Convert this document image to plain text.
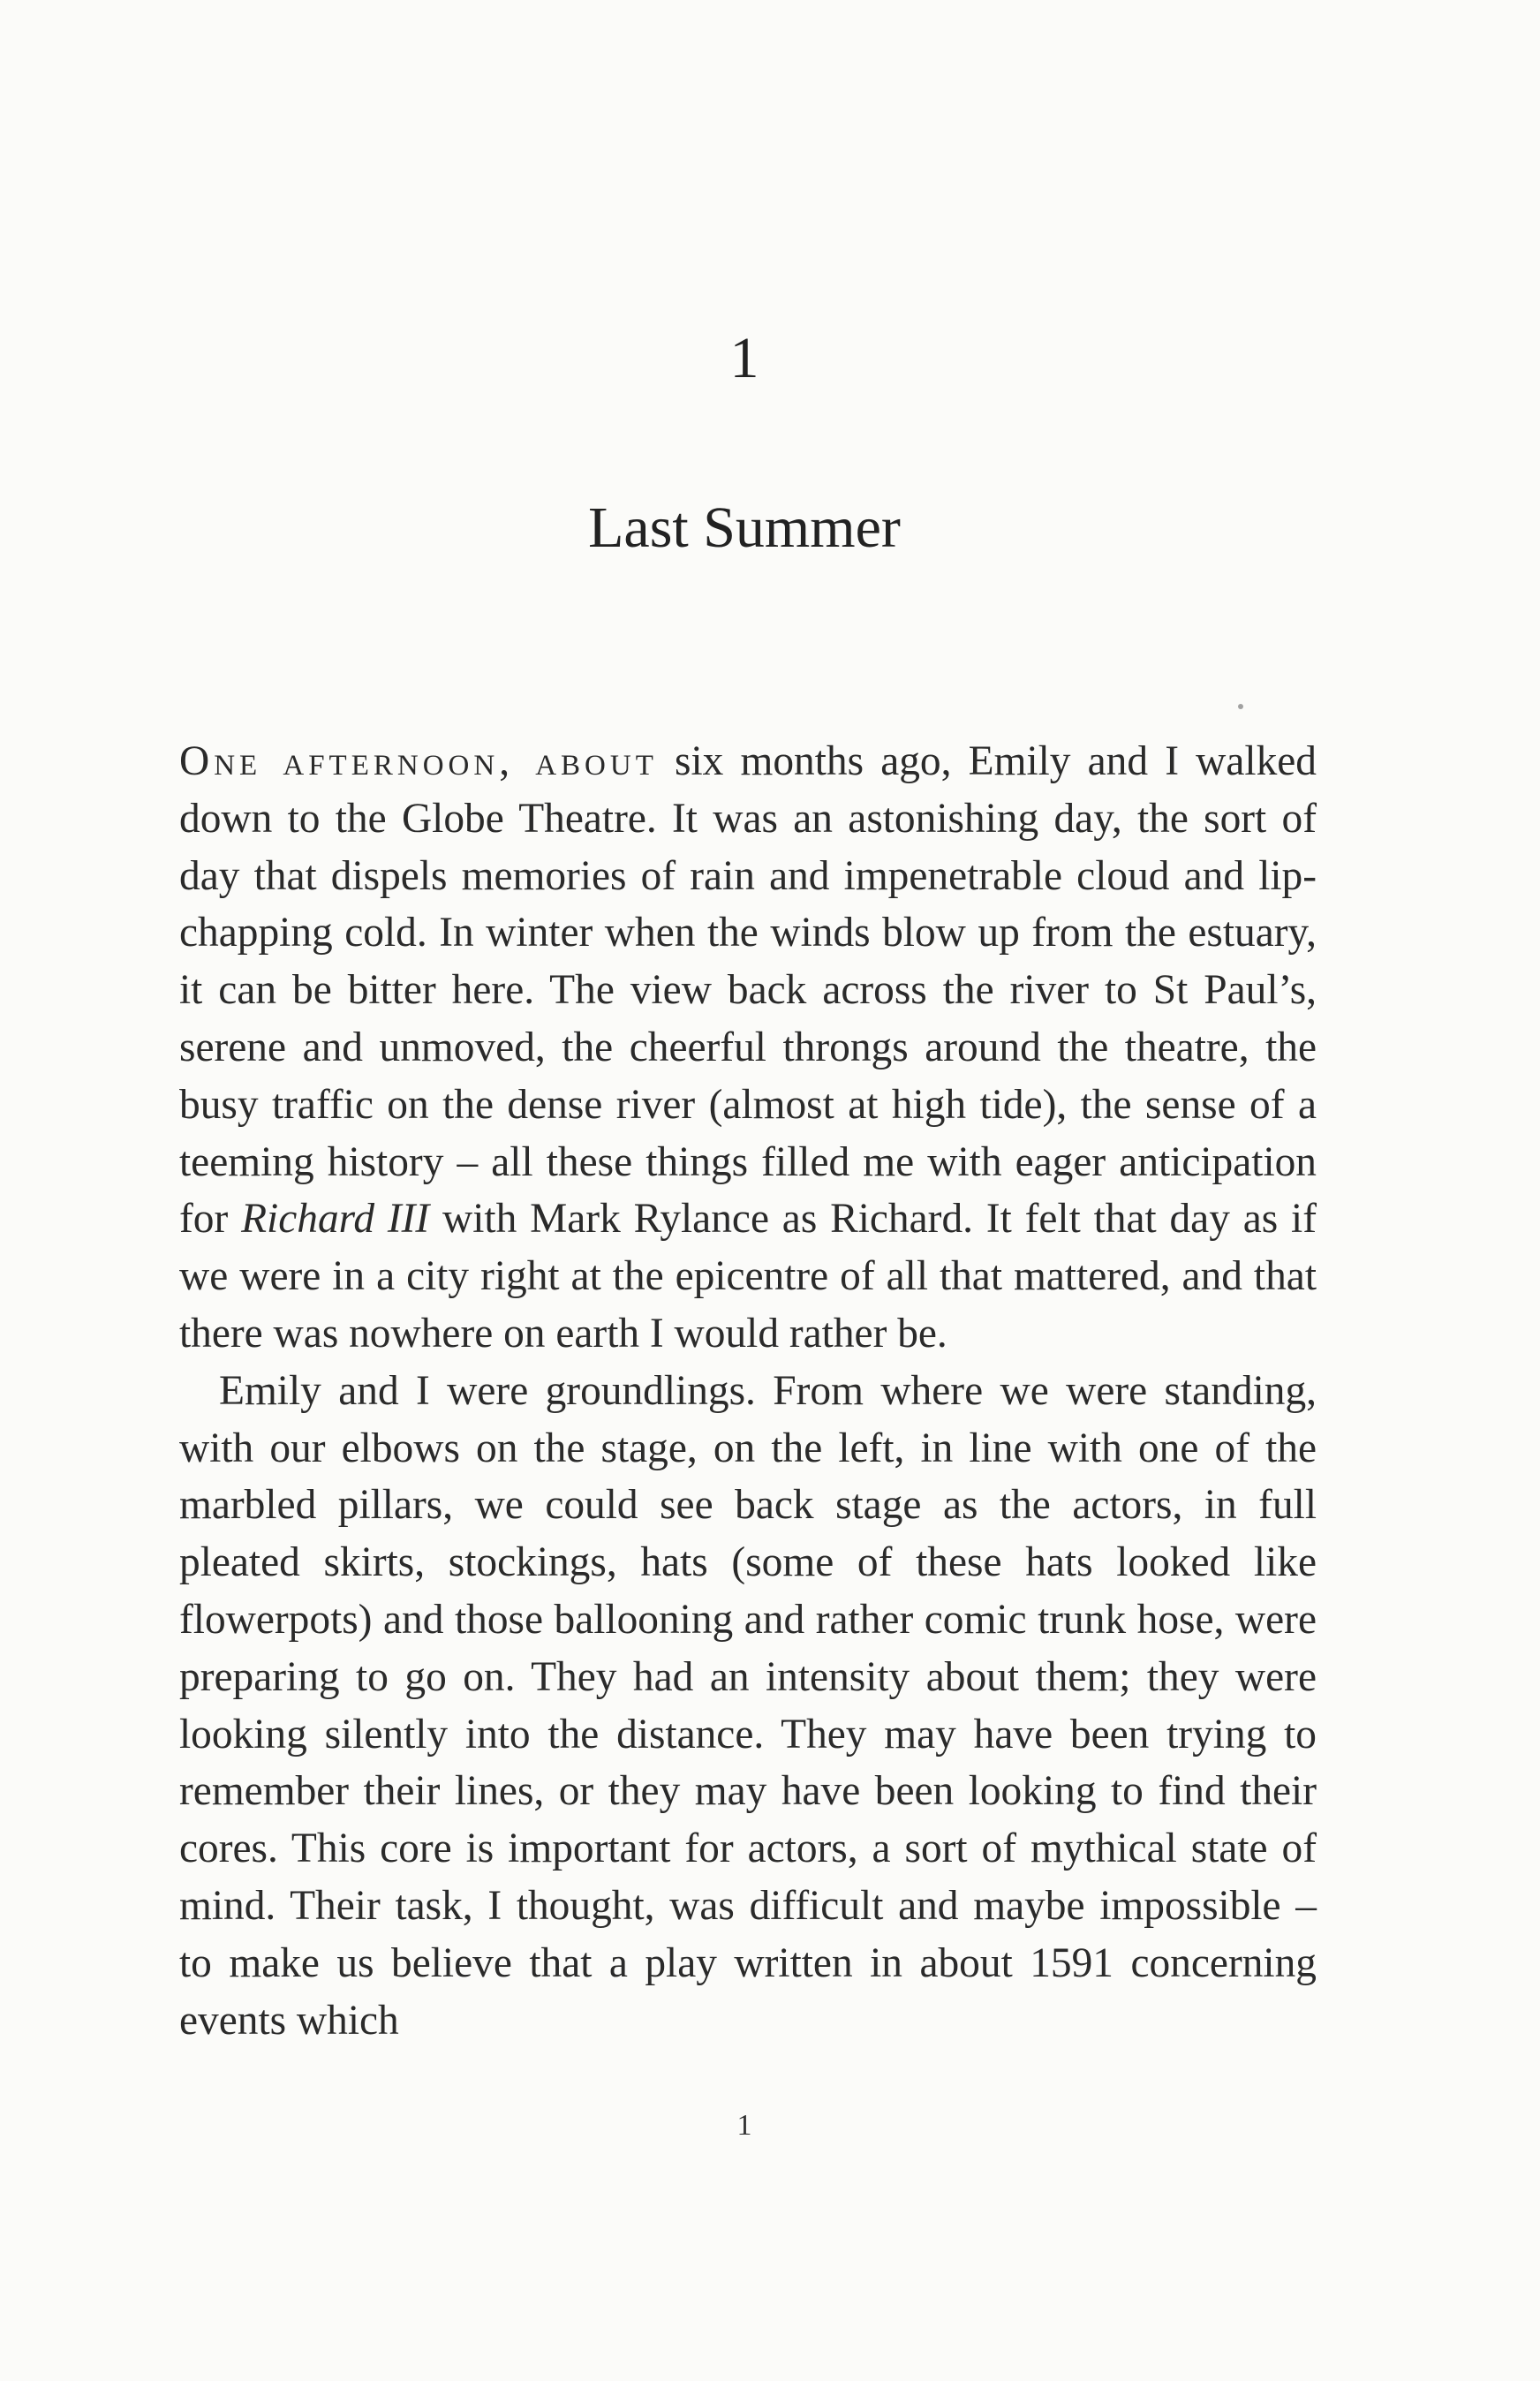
1
Last Summer

One afternoon, about six months ago, Emily and I walked down to the Globe Theatre. It was an astonishing day, the sort of day that dispels memories of rain and impenetrable cloud and lip-chapping cold. In winter when the winds blow up from the estuary, it can be bitter here. The view back across the river to St Paul’s, serene and unmoved, the cheerful throngs around the theatre, the busy traffic on the dense river (almost at high tide), the sense of a teeming history – all these things filled me with eager anticipation for Richard III with Mark Rylance as Richard. It felt that day as if we were in a city right at the epicentre of all that mattered, and that there was nowhere on earth I would rather be.

Emily and I were groundlings. From where we were standing, with our elbows on the stage, on the left, in line with one of the marbled pillars, we could see back stage as the actors, in full pleated skirts, stockings, hats (some of these hats looked like flowerpots) and those ballooning and rather comic trunk hose, were preparing to go on. They had an intensity about them; they were looking silently into the distance. They may have been trying to remember their lines, or they may have been looking to find their cores. This core is important for actors, a sort of mythical state of mind. Their task, I thought, was difficult and maybe impossible – to make us believe that a play written in about 1591 concerning events which

1
